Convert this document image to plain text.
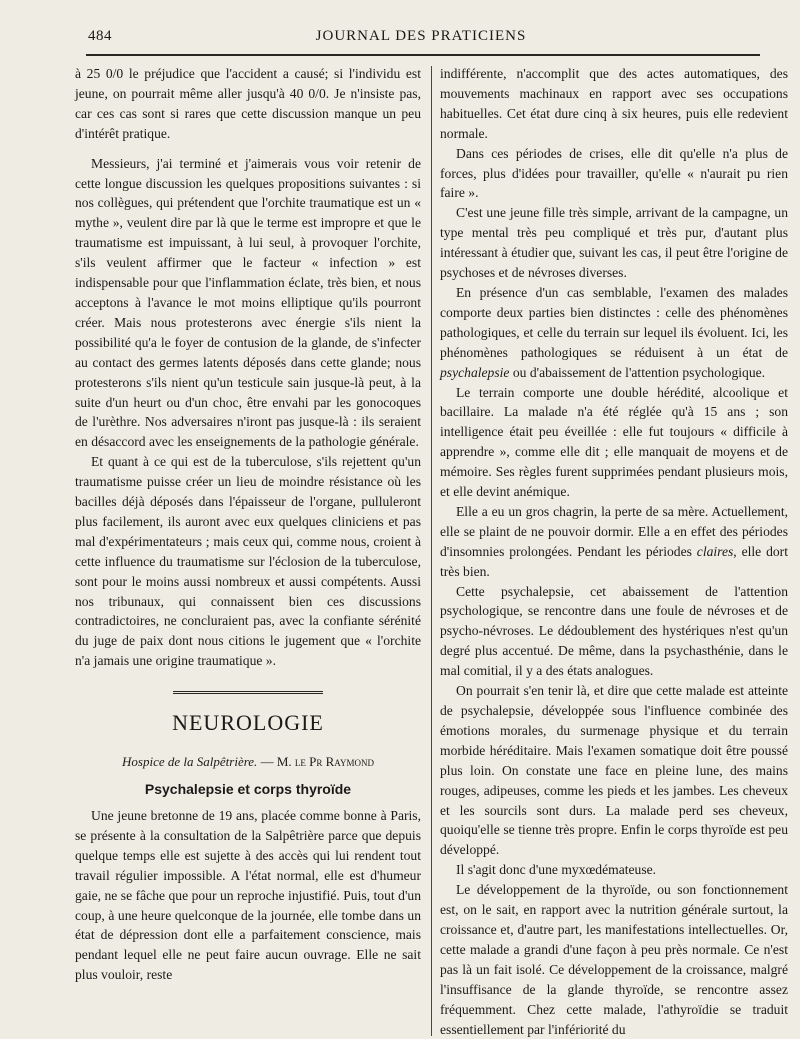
484	JOURNAL DES PRATICIENS

à 25 0/0 le préjudice que l'accident a causé; si l'individu est jeune, on pourrait même aller jusqu'à 40 0/0. Je n'insiste pas, car ces cas sont si rares que cette discussion manque un peu d'intérêt pratique.

Messieurs, j'ai terminé et j'aimerais vous voir retenir de cette longue discussion les quelques propositions suivantes : si nos collègues, qui prétendent que l'orchite traumatique est un « mythe », veulent dire par là que le terme est impropre et que le traumatisme est impuissant, à lui seul, à provoquer l'orchite, s'ils veulent affirmer que le facteur « infection » est indispensable pour que l'inflammation éclate, très bien, et nous acceptons à l'avance le mot moins elliptique qu'ils pourront créer. Mais nous protesterons avec énergie s'ils nient la possibilité qu'a le foyer de contusion de la glande, de s'infecter au contact des germes latents déposés dans cette glande; nous protesterons s'ils nient qu'un testicule sain jusque-là peut, à la suite d'un heurt ou d'un choc, être envahi par les gonocoques de l'urèthre. Nos adversaires n'iront pas jusque-là : ils seraient en désaccord avec les enseignements de la pathologie générale.

Et quant à ce qui est de la tuberculose, s'ils rejettent qu'un traumatisme puisse créer un lieu de moindre résistance où les bacilles déjà déposés dans l'épaisseur de l'organe, pulluleront plus facilement, ils auront avec eux quelques cliniciens et pas mal d'expérimentateurs ; mais ceux qui, comme nous, croient à cette influence du traumatisme sur l'éclosion de la tuberculose, sont pour le moins aussi nombreux et aussi compétents. Aussi nos tribunaux, qui connaissent bien ces discussions contradictoires, ne concluraient pas, avec la confiante sérénité du juge de paix dont nous citions le jugement que « l'orchite n'a jamais une origine traumatique ».

NEUROLOGIE
Hospice de la Salpêtrière. — M. le Pr Raymond
Psychalepsie et corps thyroïde

Une jeune bretonne de 19 ans, placée comme bonne à Paris, se présente à la consultation de la Salpêtrière parce que depuis quelque temps elle est sujette à des accès qui lui rendent tout travail régulier impossible. A l'état normal, elle est d'humeur gaie, ne se fâche que pour un reproche injustifié. Puis, tout d'un coup, à une heure quelconque de la journée, elle tombe dans un état de dépression dont elle a parfaitement conscience, mais pendant lequel elle ne peut faire aucun ouvrage. Elle ne sait plus vouloir, reste

indifférente, n'accomplit que des actes automatiques, des mouvements machinaux en rapport avec ses occupations habituelles. Cet état dure cinq à six heures, puis elle redevient normale.

Dans ces périodes de crises, elle dit qu'elle n'a plus de forces, plus d'idées pour travailler, qu'elle « n'aurait pu rien faire ».

C'est une jeune fille très simple, arrivant de la campagne, un type mental très peu compliqué et très pur, d'autant plus intéressant à étudier que, suivant les cas, il peut être l'origine de psychoses et de névroses diverses.

En présence d'un cas semblable, l'examen des malades comporte deux parties bien distinctes : celle des phénomènes pathologiques, et celle du terrain sur lequel ils évoluent. Ici, les phénomènes pathologiques se réduisent à un état de psychalepsie ou d'abaissement de l'attention psychologique.

Le terrain comporte une double hérédité, alcoolique et bacillaire. La malade n'a été réglée qu'à 15 ans ; son intelligence était peu éveillée : elle fut toujours « difficile à apprendre », comme elle dit ; elle manquait de moyens et de mémoire. Ses règles furent supprimées pendant plusieurs mois, et elle devint anémique.

Elle a eu un gros chagrin, la perte de sa mère. Actuellement, elle se plaint de ne pouvoir dormir. Elle a en effet des périodes d'insomnies prolongées. Pendant les périodes claires, elle dort très bien.

Cette psychalepsie, cet abaissement de l'attention psychologique, se rencontre dans une foule de névroses et de psycho-névroses. Le dédoublement des hystériques n'est qu'un degré plus accentué. De même, dans la psychasthénie, dans le mal comitial, il y a des états analogues.

On pourrait s'en tenir là, et dire que cette malade est atteinte de psychalepsie, développée sous l'influence combinée des émotions morales, du surmenage physique et du terrain morbide héréditaire. Mais l'examen somatique doit être poussé plus loin. On constate une face en pleine lune, des mains rouges, adipeuses, comme les pieds et les jambes. Les cheveux et les sourcils sont durs. La malade perd ses cheveux, quoiqu'elle se tienne très propre. Enfin le corps thyroïde est peu développé.

Il s'agit donc d'une myxœdémateuse.

Le développement de la thyroïde, ou son fonctionnement est, on le sait, en rapport avec la nutrition générale surtout, la croissance et, d'autre part, les manifestations intellectuelles. Or, cette malade a grandi d'une façon à peu près normale. Ce n'est pas là un fait isolé. Ce développement de la croissance, malgré l'insuffisance de la glande thyroïde, se rencontre assez fréquemment. Chez cette malade, l'athyroïdie se traduit essentiellement par l'infériorité du
